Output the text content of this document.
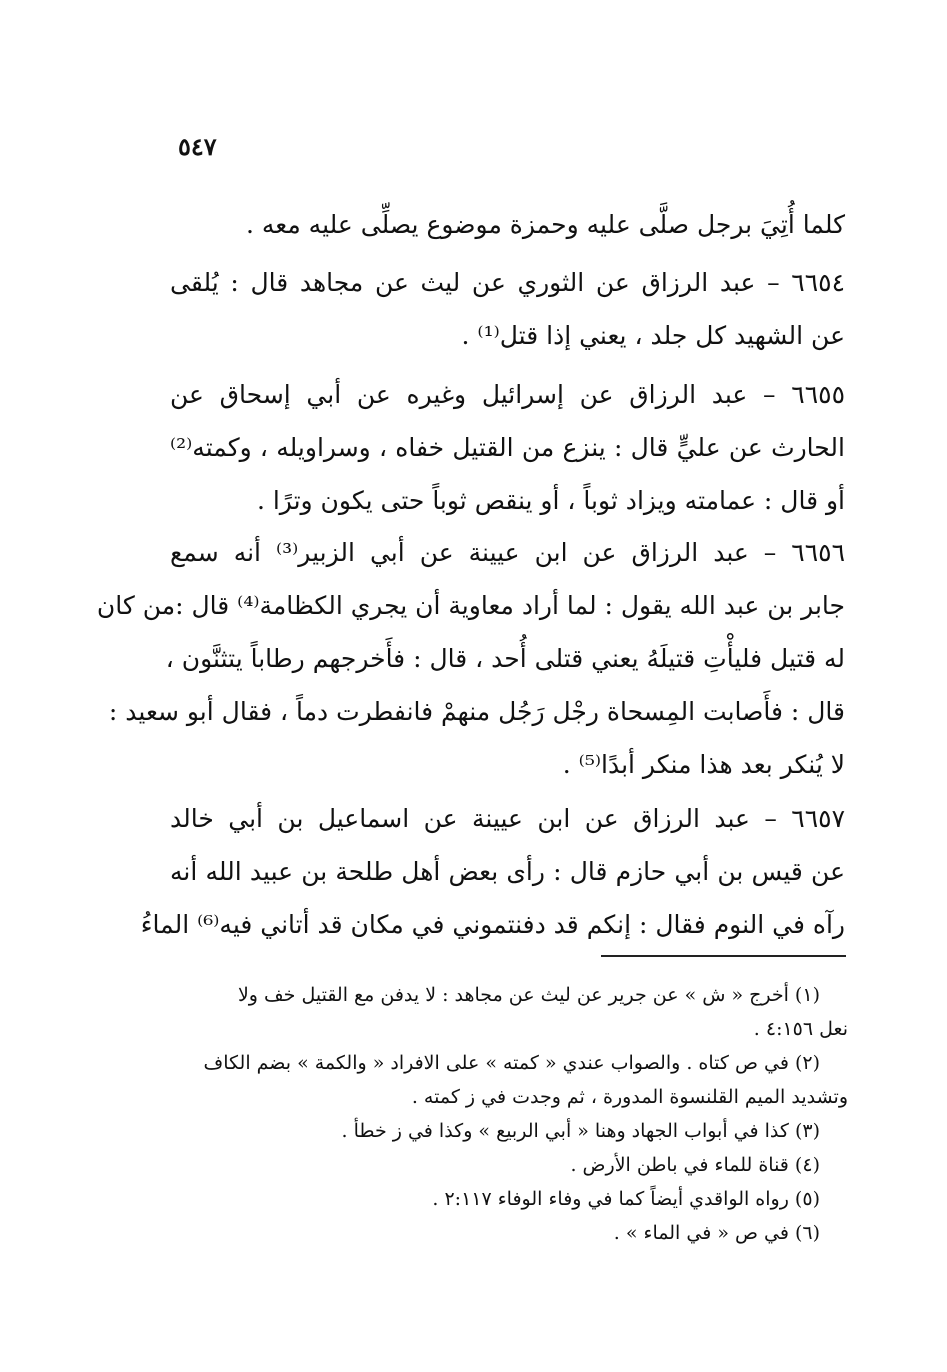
٥٤٧
كلما أُتِيَ برجل صلَّى عليه وحمزة موضوع يصلِّى عليه معه .
٦٦٥٤ – عبد الرزاق عن الثوري عن ليث عن مجاهد قال : يُلقى
عن الشهيد كل جلد ، يعني إذا قتل⁽¹⁾ .
٦٦٥٥ – عبد الرزاق عن إسرائيل وغيره عن أبي إسحاق عن
الحارث عن عليٍّ قال : ينزع من القتيل خفاه ، وسراويله ، وكمته⁽²⁾
أو قال : عمامته ويزاد ثوباً ، أو ينقص ثوباً حتى يكون وترًا .
٦٦٥٦ – عبد الرزاق عن ابن عيينة عن أبي الزبير⁽³⁾ أنه سمع
جابر بن عبد الله يقول : لما أراد معاوية أن يجري الكظامة⁽⁴⁾ قال :من كان
له قتيل فليأْتِ قتيلَهُ يعني قتلى أُحد ، قال : فأَخرجهم رطاباً يتثنَّون ،
قال : فأَصابت المِسحاة رجْل رَجُل منهمْ فانفطرت دماً ، فقال أبو سعيد :
لا يُنكر بعد هذا منكر أبدًا⁽⁵⁾ .
٦٦٥٧ – عبد الرزاق عن ابن عيينة عن اسماعيل بن أبي خالد
عن قيس بن أبي حازم قال : رأى بعض أهل طلحة بن عبيد الله أنه
رآه في النوم فقال : إنكم قد دفنتموني في مكان قد أتاني فيه⁽⁶⁾ الماءُ
(١) أخرج « ش » عن جرير عن ليث عن مجاهد : لا يدفن مع القتيل خف ولا
نعل ٤:١٥٦ .
(٢) في ص كتاه . والصواب عندي « كمته » على الافراد « والكمة » بضم الكاف
وتشديد الميم القلنسوة المدورة ، ثم وجدت في ز كمته .
(٣) كذا في أبواب الجهاد وهنا « أبي الربيع » وكذا في ز خطأ .
(٤) قناة للماء في باطن الأرض .
(٥) رواه الواقدي أيضاً كما في وفاء الوفاء ٢:١١٧ .
(٦) في ص « في الماء » .
